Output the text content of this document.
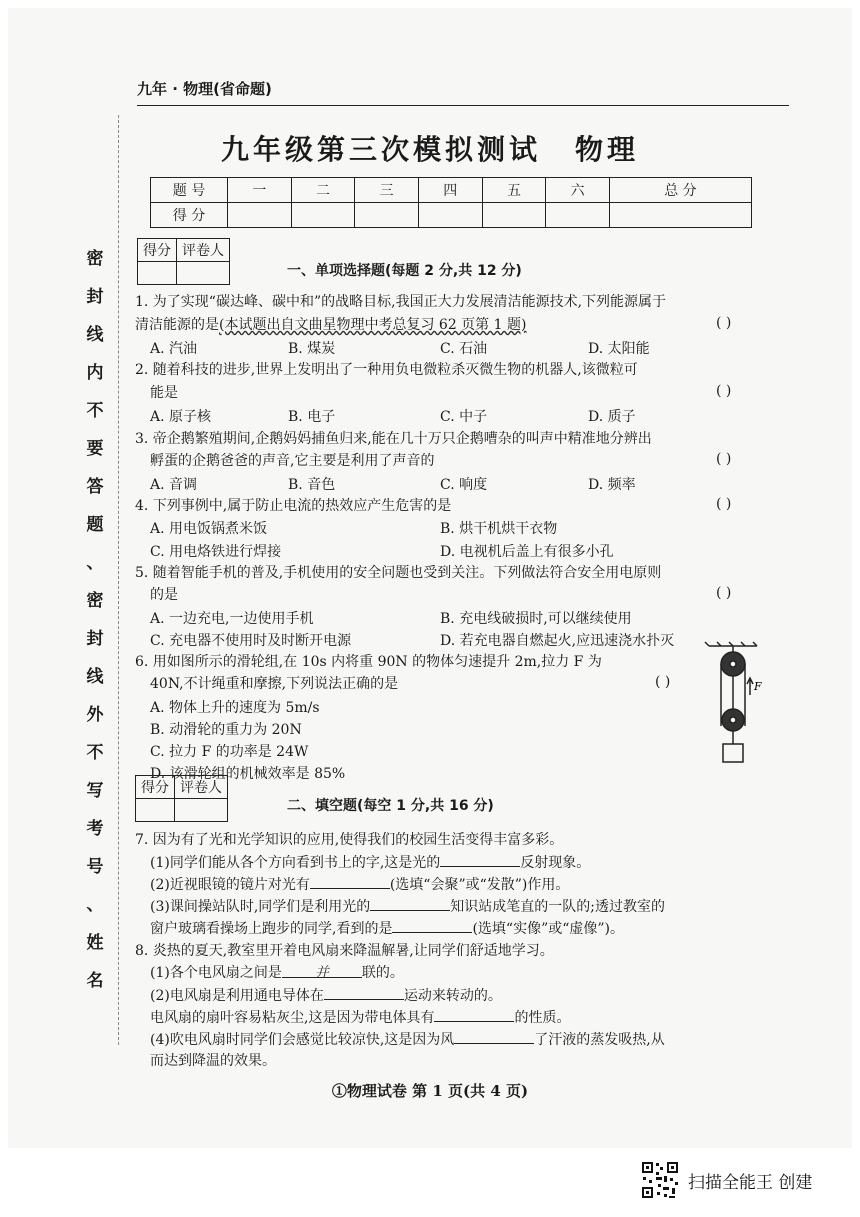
九年 · 物理(省命题)
九年级第三次模拟测试 物理
题 号	一	二	三	四	五	六	总 分
得 分							
密
封
线
内
不
要
答
题
、
密
封
线
外
不
写
考
号
、
姓
名
得分	评卷人

一、单项选择题(每题 2 分,共 12 分)
1. 为了实现“碳达峰、碳中和”的战略目标,我国正大力发展清洁能源技术,下列能源属于
清洁能源的是(本试题出自文曲星物理中考总复习 62 页第 1 题)	( )
A. 汽油	B. 煤炭	C. 石油	D. 太阳能
2. 随着科技的进步,世界上发明出了一种用负电微粒杀灭微生物的机器人,该微粒可
能是	( )
A. 原子核	B. 电子	C. 中子	D. 质子
3. 帝企鹅繁殖期间,企鹅妈妈捕鱼归来,能在几十万只企鹅嘈杂的叫声中精准地分辨出
孵蛋的企鹅爸爸的声音,它主要是利用了声音的	( )
A. 音调	B. 音色	C. 响度	D. 频率
4. 下列事例中,属于防止电流的热效应产生危害的是	( )
A. 用电饭锅煮米饭	B. 烘干机烘干衣物
C. 用电烙铁进行焊接	D. 电视机后盖上有很多小孔
5. 随着智能手机的普及,手机使用的安全问题也受到关注。下列做法符合安全用电原则
的是	( )
A. 一边充电,一边使用手机	B. 充电线破损时,可以继续使用
C. 充电器不使用时及时断开电源	D. 若充电器自燃起火,应迅速浇水扑灭
6. 用如图所示的滑轮组,在 10s 内将重 90N 的物体匀速提升 2m,拉力 F 为
40N,不计绳重和摩擦,下列说法正确的是	( )
A. 物体上升的速度为 5m/s
B. 动滑轮的重力为 20N
C. 拉力 F 的功率是 24W
D. 该滑轮组的机械效率是 85%
F
得分	评卷人

二、填空题(每空 1 分,共 16 分)
7. 因为有了光和光学知识的应用,使得我们的校园生活变得丰富多彩。
(1)同学们能从各个方向看到书上的字,这是光的	反射现象。
(2)近视眼镜的镜片对光有	(选填“会聚”或“发散”)作用。
(3)课间操站队时,同学们是利用光的	知识站成笔直的一队的;透过教室的
窗户玻璃看操场上跑步的同学,看到的是	(选填“实像”或“虚像”)。
8. 炎热的夏天,教室里开着电风扇来降温解暑,让同学们舒适地学习。
(1)各个电风扇之间是 并 联的。
(2)电风扇是利用通电导体在	运动来转动的。
电风扇的扇叶容易粘灰尘,这是因为带电体具有	的性质。
(4)吹电风扇时同学们会感觉比较凉快,这是因为风	了汗液的蒸发吸热,从
而达到降温的效果。
①物理试卷 第 1 页(共 4 页)
扫描全能王 创建
